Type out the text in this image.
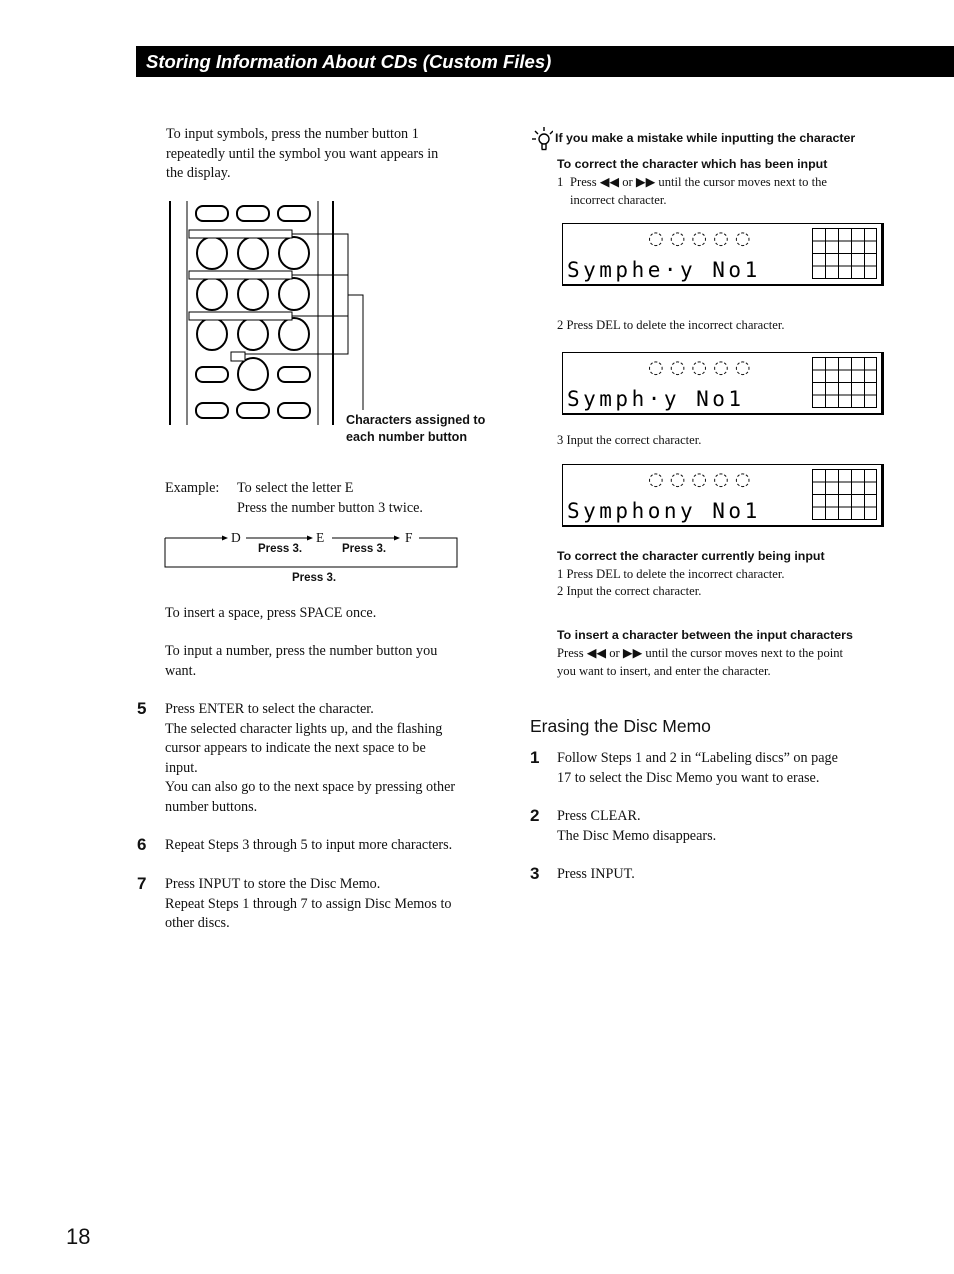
Storing Information About CDs (Custom Files)
To input symbols, press the number button 1
repeatedly until the symbol you want appears in
the display.
Characters assigned to
each number button
Example: To select the letter E
Press the number button 3 twice.
D	E	F
Press 3.	Press 3.
Press 3.
To insert a space, press SPACE once.
To input a number, press the number button you
want.
5 Press ENTER to select the character.
The selected character lights up, and the flashing
cursor appears to indicate the next space to be
input.
You can also go to the next space by pressing other
number buttons.
6 Repeat Steps 3 through 5 to input more characters.
7 Press INPUT to store the Disc Memo.
Repeat Steps 1 through 7 to assign Disc Memos to
other discs.
If you make a mistake while inputting the character
To correct the character which has been input
1 Press ◀◀ or ▶▶ until the cursor moves next to the
incorrect character.
◌◌◌◌◌
Symphe·y No1
2 Press DEL to delete the incorrect character.
◌◌◌◌◌
Symph·y No1
3 Input the correct character.
◌◌◌◌◌
Symphony No1
To correct the character currently being input
1 Press DEL to delete the incorrect character.
2 Input the correct character.
To insert a character between the input characters
Press ◀◀ or ▶▶ until the cursor moves next to the point
you want to insert, and enter the character.
Erasing the Disc Memo
1 Follow Steps 1 and 2 in “Labeling discs” on page
17 to select the Disc Memo you want to erase.
2 Press CLEAR.
The Disc Memo disappears.
3 Press INPUT.
18
